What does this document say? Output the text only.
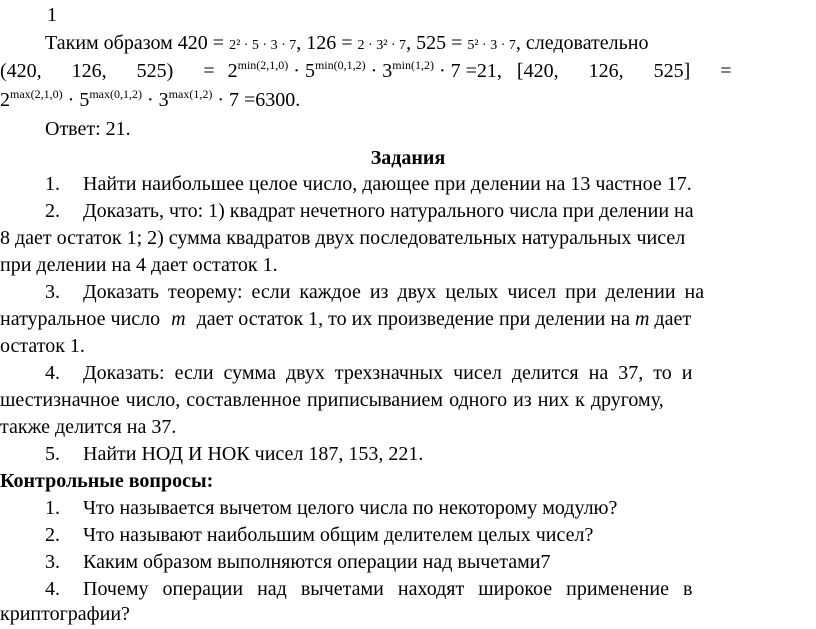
1
Таким образом 420 = 2² · 5 · 3 · 7, 126 = 2 · 3² · 7, 525 = 5² · 3 · 7, следовательно
(420,      126,      525)      = $2^{min(2,1,0)} \cdot 5^{min(0,1,2)} \cdot 3^{min(1,2)} \cdot 7 =21$, [420,      126,      525]      =
$2^{max(2,1,0)} \cdot 5^{max(0,1,2)} \cdot 3^{max(1,2)} \cdot 7 =6300$.
Ответ: 21.
Задания
1. Найти наибольшее целое число, дающее при делении на 13 частное 17.
2. Доказать, что: 1) квадрат нечетного натурального числа при делении на
8 дает остаток 1; 2) сумма квадратов двух последовательных натуральных чисел
при делении на 4 дает остаток 1.
3. Доказать теорему: если каждое из двух целых чисел при делении на
натуральное число m дает остаток 1, то их произведение при делении на m дает
остаток 1.
4. Доказать: если сумма двух трехзначных чисел делится на 37, то и
шестизначное число, составленное приписыванием одного из них к другому,
также делится на 37.
5. Найти НОД И НОК чисел 187, 153, 221.
Контрольные вопросы:
1. Что называется вычетом целого числа по некоторому модулю?
2. Что называют наибольшим общим делителем целых чисел?
3. Каким образом выполняются операции над вычетами7
4. Почему операции над вычетами находят широкое применение в
криптографии?
